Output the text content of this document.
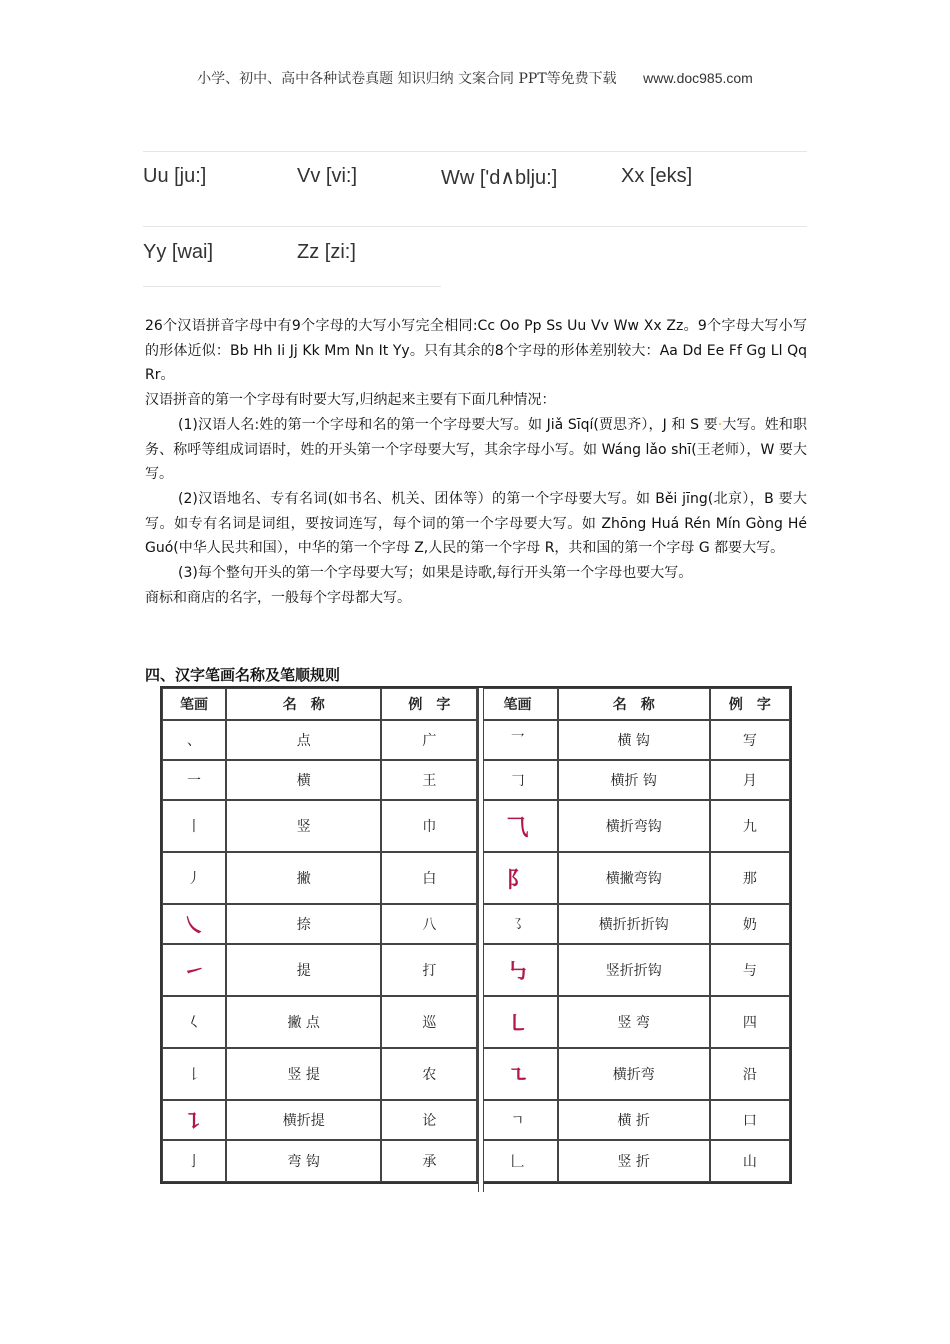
小学、初中、高中各种试卷真题 知识归纳 文案合同 PPT等免费下载 www.doc985.com
Uu [ju:]	Vv [vi:]	Ww [ʹd∧blju:]	Xx [eks]
Yy [wai]	Zz [zi:]

26个汉语拼音字母中有9个字母的大写小写完全相同:Cc Oo Pp Ss Uu Vv Ww Xx Zz。9个字母大写小写的形体近似：Bb Hh Ii Jj Kk Mm Nn It Yy。只有其余的8个字母的形体差别较大：Aa Dd Ee Ff Gg Ll Qq Rr。

汉语拼音的第一个字母有时要大写,归纳起来主要有下面几种情况：

(1)汉语人名:姓的第一个字母和名的第一个字母要大写。如 Jiǎ Sīqí(贾思齐），J 和 S 要·大写。姓和职务、称呼等组成词语时，姓的开头第一个字母要大写，其余字母小写。如 Wáng lǎo shī(王老师），W 要大写。

(2)汉语地名、专有名词(如书名、机关、团体等）的第一个字母要大写。如 Běi jīng(北京），B 要大写。如专有名词是词组，要按词连写，每个词的第一个字母要大写。如 Zhōng Huá Rén Mín Gòng Hé Guó(中华人民共和国），中华的第一个字母 Z,人民的第一个字母 R，共和国的第一个字母 G 都要大写。

(3)每个整句开头的第一个字母要大写；如果是诗歌,每行开头第一个字母也要大写。

商标和商店的名字，一般每个字母都大写。

四、汉字笔画名称及笔顺规则
笔画	名　称	例　字	笔画	名　称	例　字
、	点	广	乛	横 钩	写
一	横	王	𠃌	横折 钩	月
丨	竖	巾	⺄	横折弯钩	九
丿	撇	白	⻖	横撇弯钩	那
㇏	捺	八	㇌	横折折折钩	奶
㇀	提	打	㇉	竖折折钩	与
𡿨	撇 点	巡	㇄	竖 弯	四
𠄌	竖 提	农	㇍	横折弯	沿
㇊	横折提	论	ㄱ	横 折	口
亅	弯 钩	承	𠃊	竖 折	山
